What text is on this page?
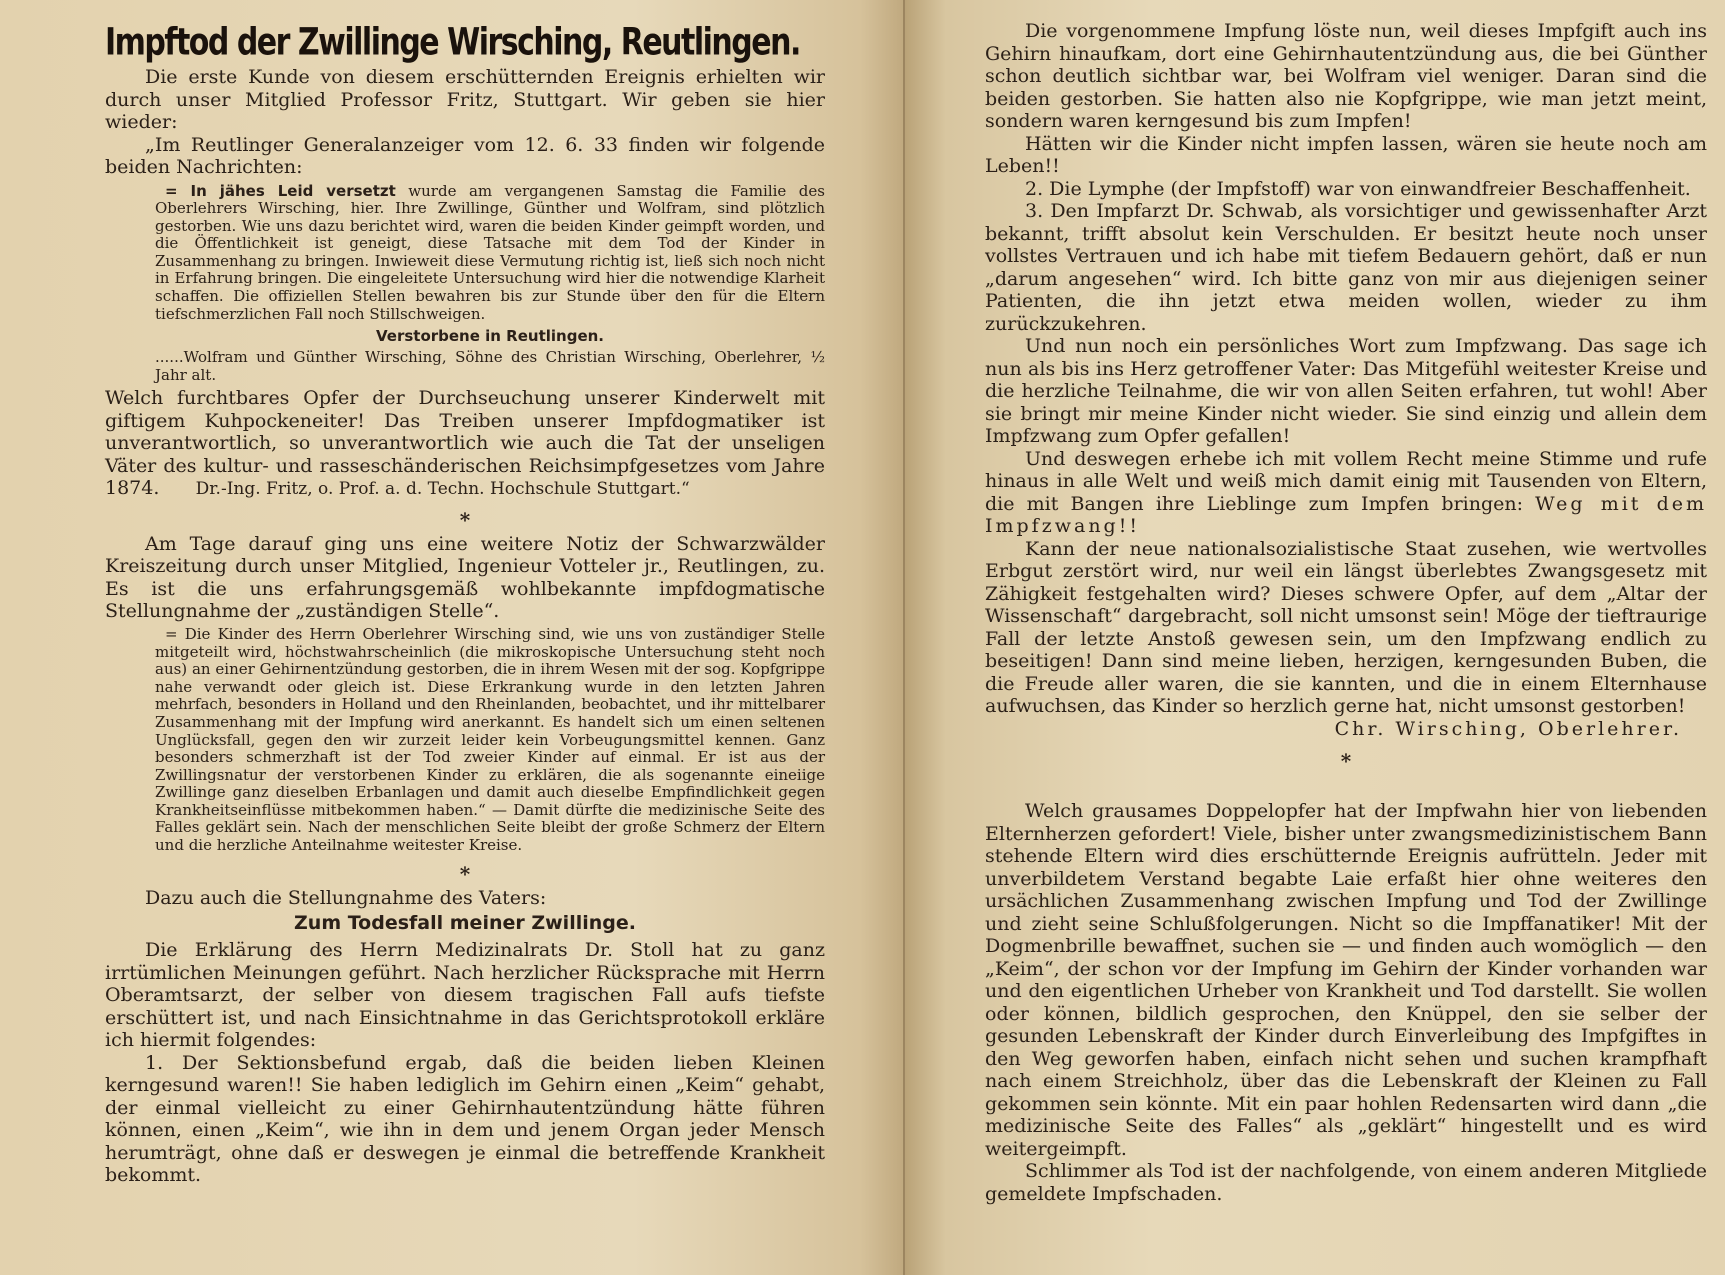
Impftod der Zwillinge Wirsching, Reutlingen.

Die erste Kunde von diesem erschütternden Ereignis erhielten wir durch unser Mitglied Professor Fritz, Stuttgart. Wir geben sie hier wieder:

„Im Reutlinger Generalanzeiger vom 12. 6. 33 finden wir folgende beiden Nachrichten:

= In jähes Leid versetzt wurde am vergangenen Samstag die Familie des Oberlehrers Wirsching, hier. Ihre Zwillinge, Günther und Wolfram, sind plötzlich gestorben. Wie uns dazu berichtet wird, waren die beiden Kinder geimpft worden, und die Öffentlichkeit ist geneigt, diese Tatsache mit dem Tod der Kinder in Zusammenhang zu bringen. Inwieweit diese Vermutung richtig ist, ließ sich noch nicht in Erfahrung bringen. Die eingeleitete Untersuchung wird hier die notwendige Klarheit schaffen. Die offiziellen Stellen bewahren bis zur Stunde über den für die Eltern tiefschmerzlichen Fall noch Stillschweigen.

Verstorbene in Reutlingen.

......Wolfram und Günther Wirsching, Söhne des Christian Wirsching, Oberlehrer, ½ Jahr alt.

Welch furchtbares Opfer der Durchseuchung unserer Kinderwelt mit giftigem Kuhpockeneiter! Das Treiben unserer Impfdogmatiker ist unverantwortlich, so unverantwortlich wie auch die Tat der unseligen Väter des kultur- und rasseschänderischen Reichsimpfgesetzes vom Jahre 1874. Dr.-Ing. Fritz, o. Prof. a. d. Techn. Hochschule Stuttgart.“

*

Am Tage darauf ging uns eine weitere Notiz der Schwarzwälder Kreiszeitung durch unser Mitglied, Ingenieur Votteler jr., Reutlingen, zu. Es ist die uns erfahrungsgemäß wohlbekannte impfdogmatische Stellungnahme der „zuständigen Stelle“.

= Die Kinder des Herrn Oberlehrer Wirsching sind, wie uns von zuständiger Stelle mitgeteilt wird, höchstwahrscheinlich (die mikroskopische Untersuchung steht noch aus) an einer Gehirnentzündung gestorben, die in ihrem Wesen mit der sog. Kopfgrippe nahe verwandt oder gleich ist. Diese Erkrankung wurde in den letzten Jahren mehrfach, besonders in Holland und den Rheinlanden, beobachtet, und ihr mittelbarer Zusammenhang mit der Impfung wird anerkannt. Es handelt sich um einen seltenen Unglücksfall, gegen den wir zurzeit leider kein Vorbeugungsmittel kennen. Ganz besonders schmerzhaft ist der Tod zweier Kinder auf einmal. Er ist aus der Zwillingsnatur der verstorbenen Kinder zu erklären, die als sogenannte eineiige Zwillinge ganz dieselben Erbanlagen und damit auch dieselbe Empfindlichkeit gegen Krankheitseinflüsse mitbekommen haben.“ — Damit dürfte die medizinische Seite des Falles geklärt sein. Nach der menschlichen Seite bleibt der große Schmerz der Eltern und die herzliche Anteilnahme weitester Kreise.

*

Dazu auch die Stellungnahme des Vaters:

Zum Todesfall meiner Zwillinge.

Die Erklärung des Herrn Medizinalrats Dr. Stoll hat zu ganz irrtümlichen Meinungen geführt. Nach herzlicher Rücksprache mit Herrn Oberamtsarzt, der selber von diesem tragischen Fall aufs tiefste erschüttert ist, und nach Einsichtnahme in das Gerichtsprotokoll erkläre ich hiermit folgendes:

1. Der Sektionsbefund ergab, daß die beiden lieben Kleinen kerngesund waren!! Sie haben lediglich im Gehirn einen „Keim“ gehabt, der einmal vielleicht zu einer Gehirnhautentzündung hätte führen können, einen „Keim“, wie ihn in dem und jenem Organ jeder Mensch herumträgt, ohne daß er deswegen je einmal die betreffende Krankheit bekommt.

Die vorgenommene Impfung löste nun, weil dieses Impfgift auch ins Gehirn hinaufkam, dort eine Gehirnhautentzündung aus, die bei Günther schon deutlich sichtbar war, bei Wolfram viel weniger. Daran sind die beiden gestorben. Sie hatten also nie Kopfgrippe, wie man jetzt meint, sondern waren kerngesund bis zum Impfen!

Hätten wir die Kinder nicht impfen lassen, wären sie heute noch am Leben!!

2. Die Lymphe (der Impfstoff) war von einwandfreier Beschaffenheit.

3. Den Impfarzt Dr. Schwab, als vorsichtiger und gewissenhafter Arzt bekannt, trifft absolut kein Verschulden. Er besitzt heute noch unser vollstes Vertrauen und ich habe mit tiefem Bedauern gehört, daß er nun „darum angesehen“ wird. Ich bitte ganz von mir aus diejenigen seiner Patienten, die ihn jetzt etwa meiden wollen, wieder zu ihm zurückzukehren.

Und nun noch ein persönliches Wort zum Impfzwang. Das sage ich nun als bis ins Herz getroffener Vater: Das Mitgefühl weitester Kreise und die herzliche Teilnahme, die wir von allen Seiten erfahren, tut wohl! Aber sie bringt mir meine Kinder nicht wieder. Sie sind einzig und allein dem Impfzwang zum Opfer gefallen!

Und deswegen erhebe ich mit vollem Recht meine Stimme und rufe hinaus in alle Welt und weiß mich damit einig mit Tausenden von Eltern, die mit Bangen ihre Lieblinge zum Impfen bringen: Weg mit dem Impfzwang!!

Kann der neue nationalsozialistische Staat zusehen, wie wertvolles Erbgut zerstört wird, nur weil ein längst überlebtes Zwangsgesetz mit Zähigkeit festgehalten wird? Dieses schwere Opfer, auf dem „Altar der Wissenschaft“ dargebracht, soll nicht umsonst sein! Möge der tieftraurige Fall der letzte Anstoß gewesen sein, um den Impfzwang endlich zu beseitigen! Dann sind meine lieben, herzigen, kerngesunden Buben, die die Freude aller waren, die sie kannten, und die in einem Elternhause aufwuchsen, das Kinder so herzlich gerne hat, nicht umsonst gestorben!

Chr. Wirsching, Oberlehrer.

*

Welch grausames Doppelopfer hat der Impfwahn hier von liebenden Elternherzen gefordert! Viele, bisher unter zwangsmedizinistischem Bann stehende Eltern wird dies erschütternde Ereignis aufrütteln. Jeder mit unverbildetem Verstand begabte Laie erfaßt hier ohne weiteres den ursächlichen Zusammenhang zwischen Impfung und Tod der Zwillinge und zieht seine Schlußfolgerungen. Nicht so die Impffanatiker! Mit der Dogmenbrille bewaffnet, suchen sie — und finden auch womöglich — den „Keim“, der schon vor der Impfung im Gehirn der Kinder vorhanden war und den eigentlichen Urheber von Krankheit und Tod darstellt. Sie wollen oder können, bildlich gesprochen, den Knüppel, den sie selber der gesunden Lebenskraft der Kinder durch Einverleibung des Impfgiftes in den Weg geworfen haben, einfach nicht sehen und suchen krampfhaft nach einem Streichholz, über das die Lebenskraft der Kleinen zu Fall gekommen sein könnte. Mit ein paar hohlen Redensarten wird dann „die medizinische Seite des Falles“ als „geklärt“ hingestellt und es wird weitergeimpft.

Schlimmer als Tod ist der nachfolgende, von einem anderen Mitgliede gemeldete Impfschaden.
